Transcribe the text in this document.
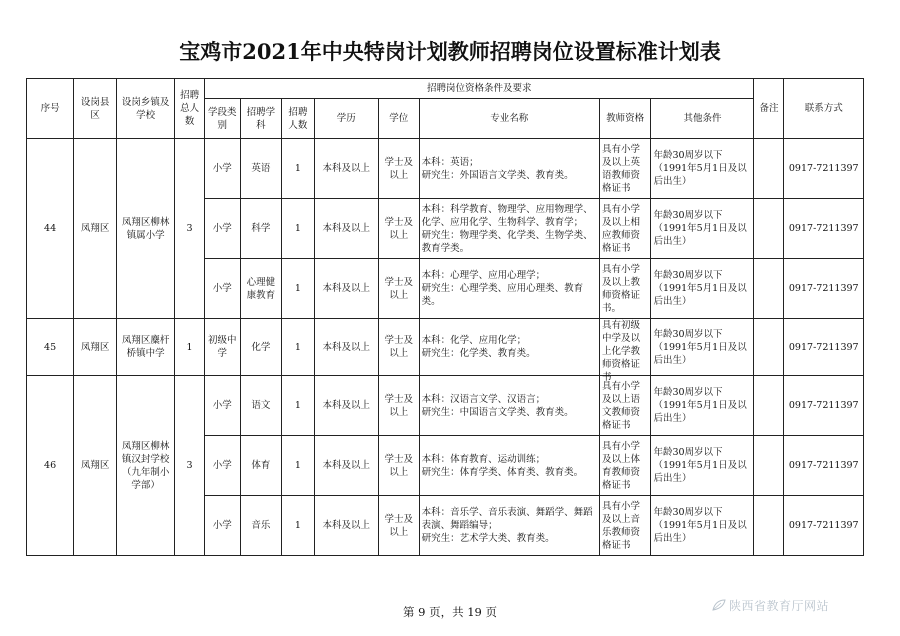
宝鸡市2021年中央特岗计划教师招聘岗位设置标准计划表
序号	设岗县区	设岗乡镇及学校	招聘总人数	招聘岗位资格条件及要求								备注	联系方式
				学段类别	招聘学科	招聘人数	学历	学位	专业名称	教师资格	其他条件		
44	凤翔区	凤翔区柳林镇属小学	3	小学	英语	1	本科及以上	学士及以上	本科：英语；
研究生：外国语言文学类、教育类。	具有小学及以上英语教师资格证书	年龄30周岁以下（1991年5月1日及以后出生）		0917-7211397
				小学	科学	1	本科及以上	学士及以上	本科：科学教育、物理学、应用物理学、化学、应用化学、生物科学、教育学；
研究生：物理学类、化学类、生物学类、教育学类。	具有小学及以上相应教师资格证书	年龄30周岁以下（1991年5月1日及以后出生）		0917-7211397
				小学	心理健康教育	1	本科及以上	学士及以上	本科：心理学、应用心理学；
研究生：心理学类、应用心理类、教育类。	具有小学及以上教师资格证书。	年龄30周岁以下（1991年5月1日及以后出生）		0917-7211397
45	凤翔区	凤翔区麋杆桥镇中学	1	初级中学	化学	1	本科及以上	学士及以上	本科：化学、应用化学；
研究生：化学类、教育类。	具有初级中学及以上化学教师资格证书	年龄30周岁以下（1991年5月1日及以后出生）		0917-7211397
46	凤翔区	凤翔区柳林镇汉封学校（九年制小学部）	3	小学	语文	1	本科及以上	学士及以上	本科：汉语言文学、汉语言；
研究生：中国语言文学类、教育类。	具有小学及以上语文教师资格证书	年龄30周岁以下（1991年5月1日及以后出生）		0917-7211397
				小学	体育	1	本科及以上	学士及以上	本科：体育教育、运动训练；
研究生：体育学类、体育类、教育类。	具有小学及以上体育教师资格证书	年龄30周岁以下（1991年5月1日及以后出生）		0917-7211397
				小学	音乐	1	本科及以上	学士及以上	本科：音乐学、音乐表演、舞蹈学、舞蹈表演、舞蹈编导；
研究生：艺术学大类、教育类。	具有小学及以上音乐教师资格证书	年龄30周岁以下（1991年5月1日及以后出生）		0917-7211397
第 9 页，共 19 页	陕西省教育厅网站
